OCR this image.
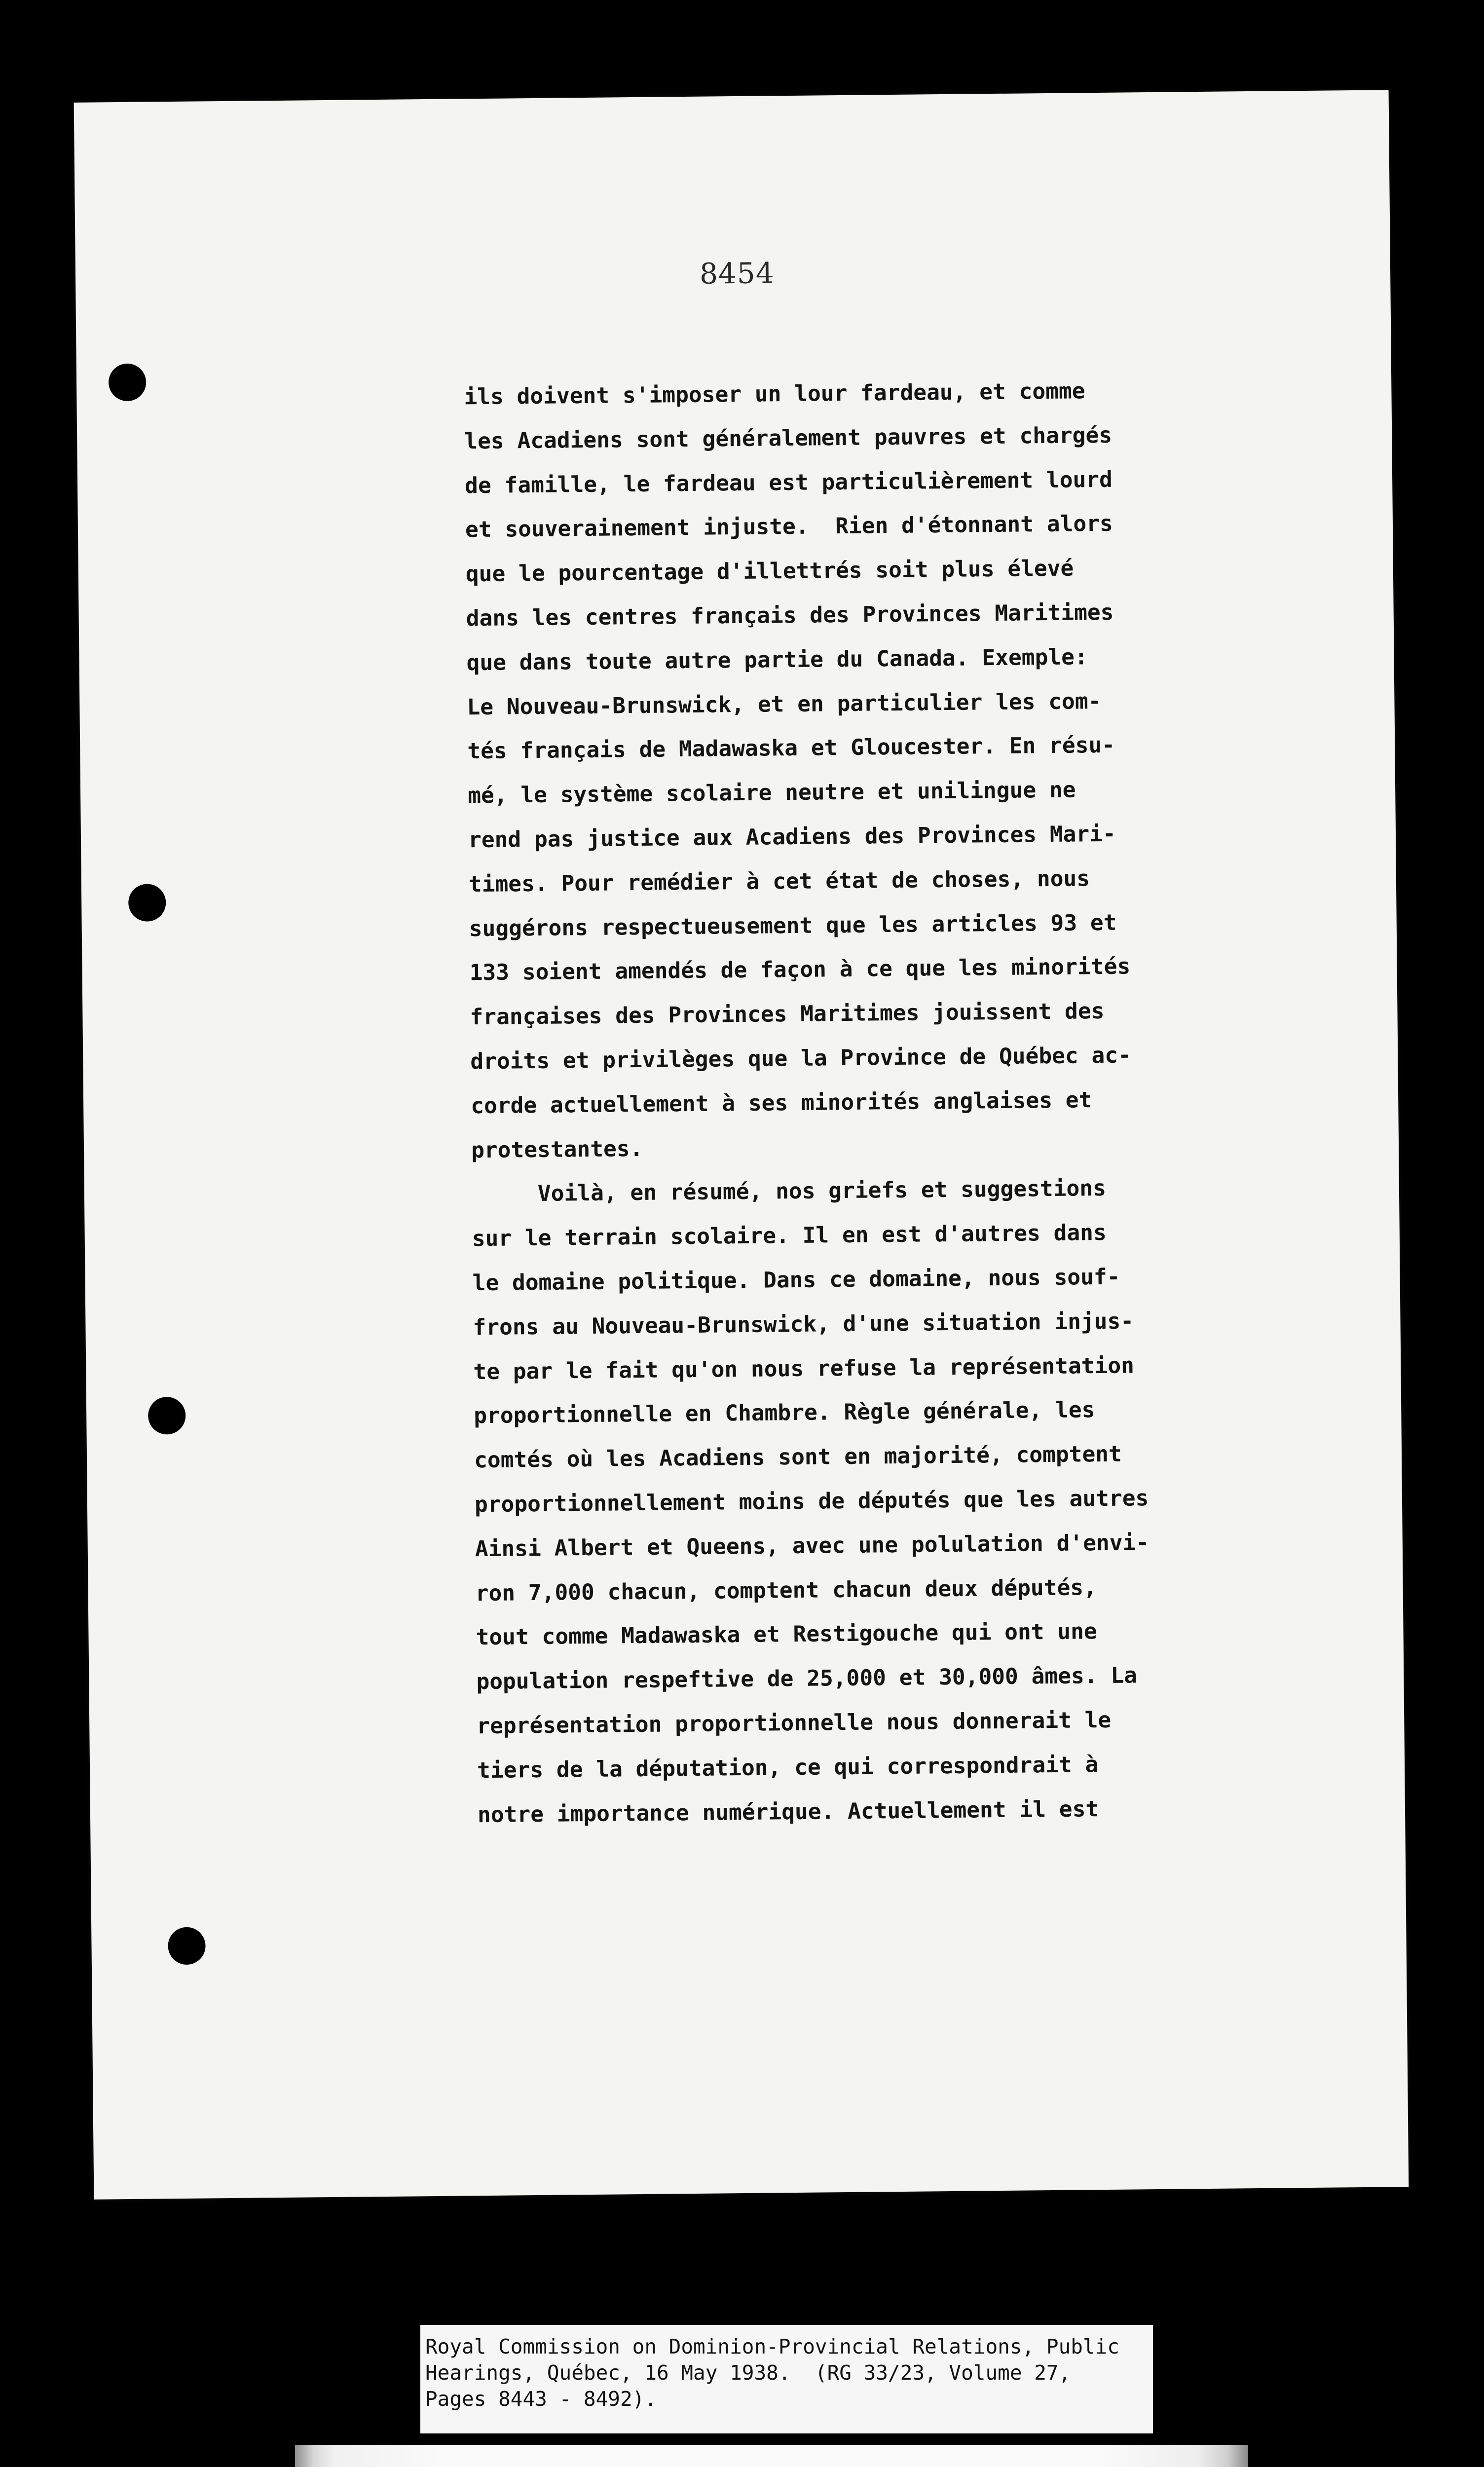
8454
ils doivent s'imposer un lour fardeau, et comme
les Acadiens sont généralement pauvres et chargés
de famille, le fardeau est particulièrement lourd
et souverainement injuste.  Rien d'étonnant alors
que le pourcentage d'illettrés soit plus élevé
dans les centres français des Provinces Maritimes
que dans toute autre partie du Canada. Exemple:
Le Nouveau-Brunswick, et en particulier les com-
tés français de Madawaska et Gloucester. En résu-
mé, le système scolaire neutre et unilingue ne
rend pas justice aux Acadiens des Provinces Mari-
times. Pour remédier à cet état de choses, nous
suggérons respectueusement que les articles 93 et
133 soient amendés de façon à ce que les minorités
françaises des Provinces Maritimes jouissent des
droits et privilèges que la Province de Québec ac-
corde actuellement à ses minorités anglaises et
protestantes.
Voilà, en résumé, nos griefs et suggestions
sur le terrain scolaire. Il en est d'autres dans
le domaine politique. Dans ce domaine, nous souf-
frons au Nouveau-Brunswick, d'une situation injus-
te par le fait qu'on nous refuse la représentation
proportionnelle en Chambre. Règle générale, les
comtés où les Acadiens sont en majorité, comptent
proportionnellement moins de députés que les autres
Ainsi Albert et Queens, avec une polulation d'envi-
ron 7,000 chacun, comptent chacun deux députés,
tout comme Madawaska et Restigouche qui ont une
population respeftive de 25,000 et 30,000 âmes. La
représentation proportionnelle nous donnerait le
tiers de la députation, ce qui correspondrait à
notre importance numérique. Actuellement il est
Royal Commission on Dominion-Provincial Relations, Public
Hearings, Québec, 16 May 1938.  (RG 33/23, Volume 27,
Pages 8443 - 8492).
